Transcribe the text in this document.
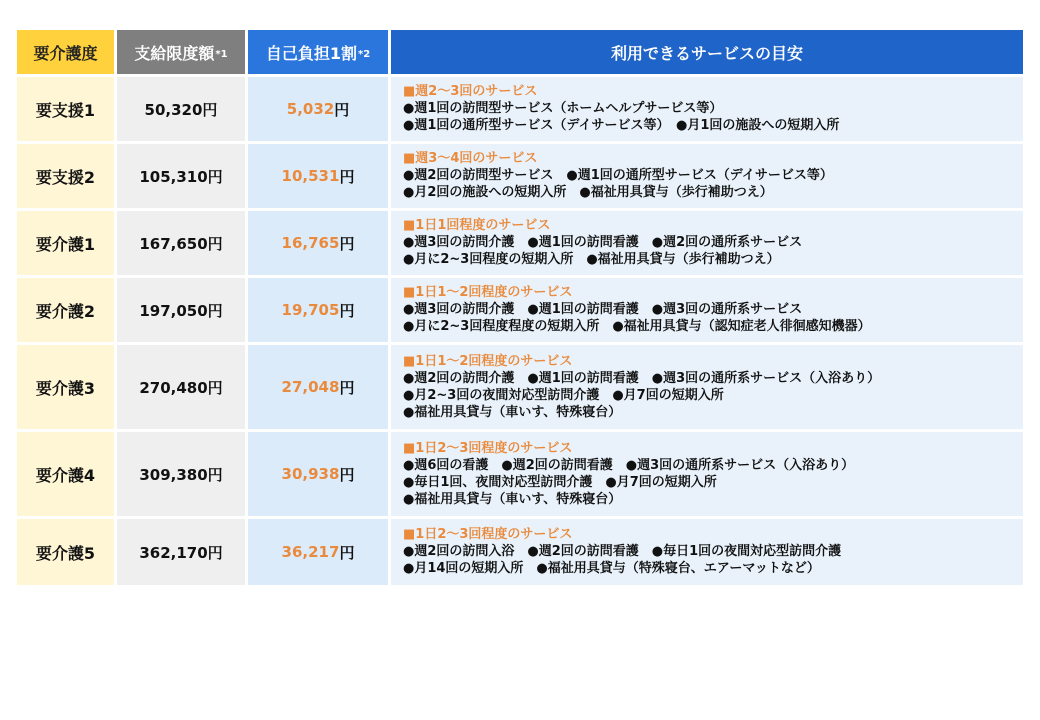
要介護度 支給限度額 *1 自己負担1割 *2	利用できるサービスの目安
要支援1	50,320円	5,032 円
■週2～3回のサービス
●週1回の訪問型サービス（ホームヘルプサービス等）
●週1回の通所型サービス（デイサービス等）　●月1回の施設への短期入所
要支援2	105,310円	10,531 円
■週3～4回のサービス
●週2回の訪問型サービス　●週1回の通所型サービス（デイサービス等）
●月2回の施設への短期入所　●福祉用具貸与（歩行補助つえ）
要介護1	167,650円	16,765 円
■1日1回程度のサービス
●週3回の訪問介護　●週1回の訪問看護　●週2回の通所系サービス
●月に2~3回程度の短期入所　●福祉用具貸与（歩行補助つえ）
要介護2	197,050円	19,705 円
■1日1～2回程度のサービス
●週3回の訪問介護　●週1回の訪問看護　●週3回の通所系サービス
●月に2~3回程度程度の短期入所　●福祉用具貸与（認知症老人徘徊感知機器）
要介護3	270,480円	27,048 円
■1日1～2回程度のサービス
●週2回の訪問介護　●週1回の訪問看護　●週3回の通所系サービス（入浴あり）
●月2~3回の夜間対応型訪問介護　●月7回の短期入所
●福祉用具貸与（車いす、特殊寝台）
要介護4	309,380円	30,938 円
■1日2～3回程度のサービス
●週6回の看護　●週2回の訪問看護　●週3回の通所系サービス（入浴あり）
●毎日1回、夜間対応型訪問介護　●月7回の短期入所
●福祉用具貸与（車いす、特殊寝台）
要介護5	362,170円	36,217 円
■1日2～3回程度のサービス
●週2回の訪問入浴　●週2回の訪問看護　●毎日1回の夜間対応型訪問介護
●月14回の短期入所　●福祉用具貸与（特殊寝台、エアーマットなど）
